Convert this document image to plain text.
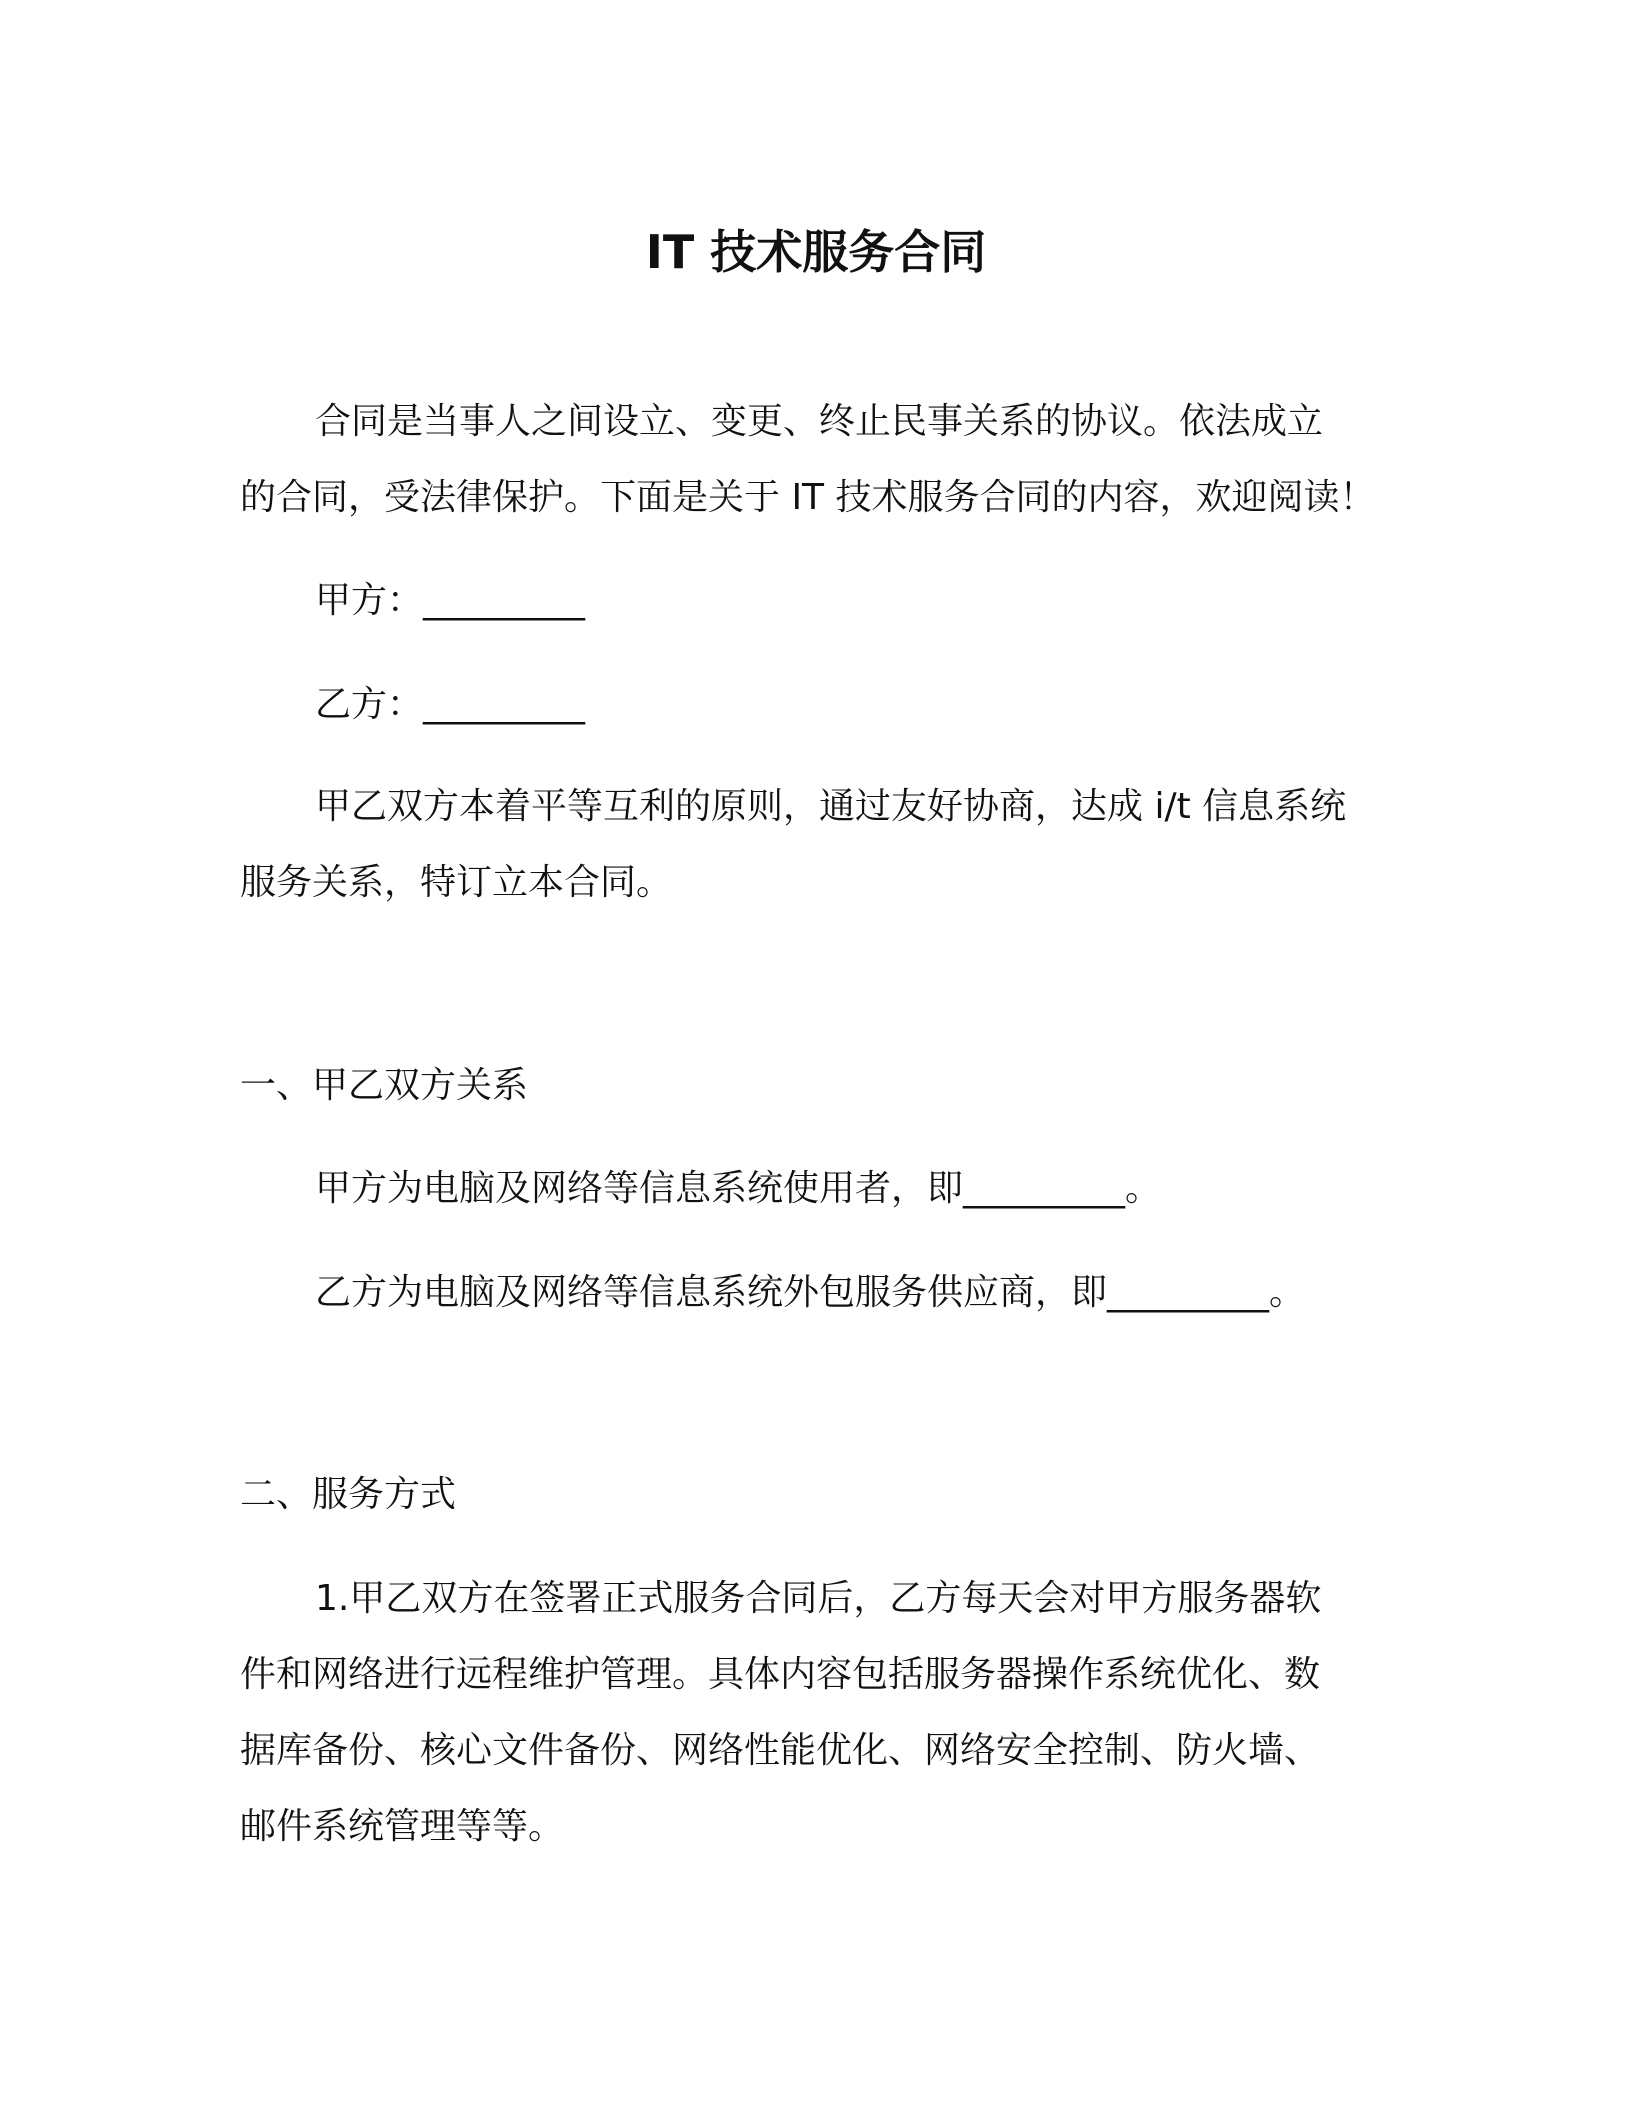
IT 技术服务合同
合同是当事人之间设立、变更、终止民事关系的协议。依法成立
的合同，受法律保护。下面是关于 IT 技术服务合同的内容，欢迎阅读！
甲方：_________
乙方：_________
甲乙双方本着平等互利的原则，通过友好协商，达成 i/t 信息系统
服务关系，特订立本合同。
一、甲乙双方关系
甲方为电脑及网络等信息系统使用者，即_________。
乙方为电脑及网络等信息系统外包服务供应商，即_________。
二、服务方式
1.甲乙双方在签署正式服务合同后，乙方每天会对甲方服务器软
件和网络进行远程维护管理。具体内容包括服务器操作系统优化、数
据库备份、核心文件备份、网络性能优化、网络安全控制、防火墙、
邮件系统管理等等。
